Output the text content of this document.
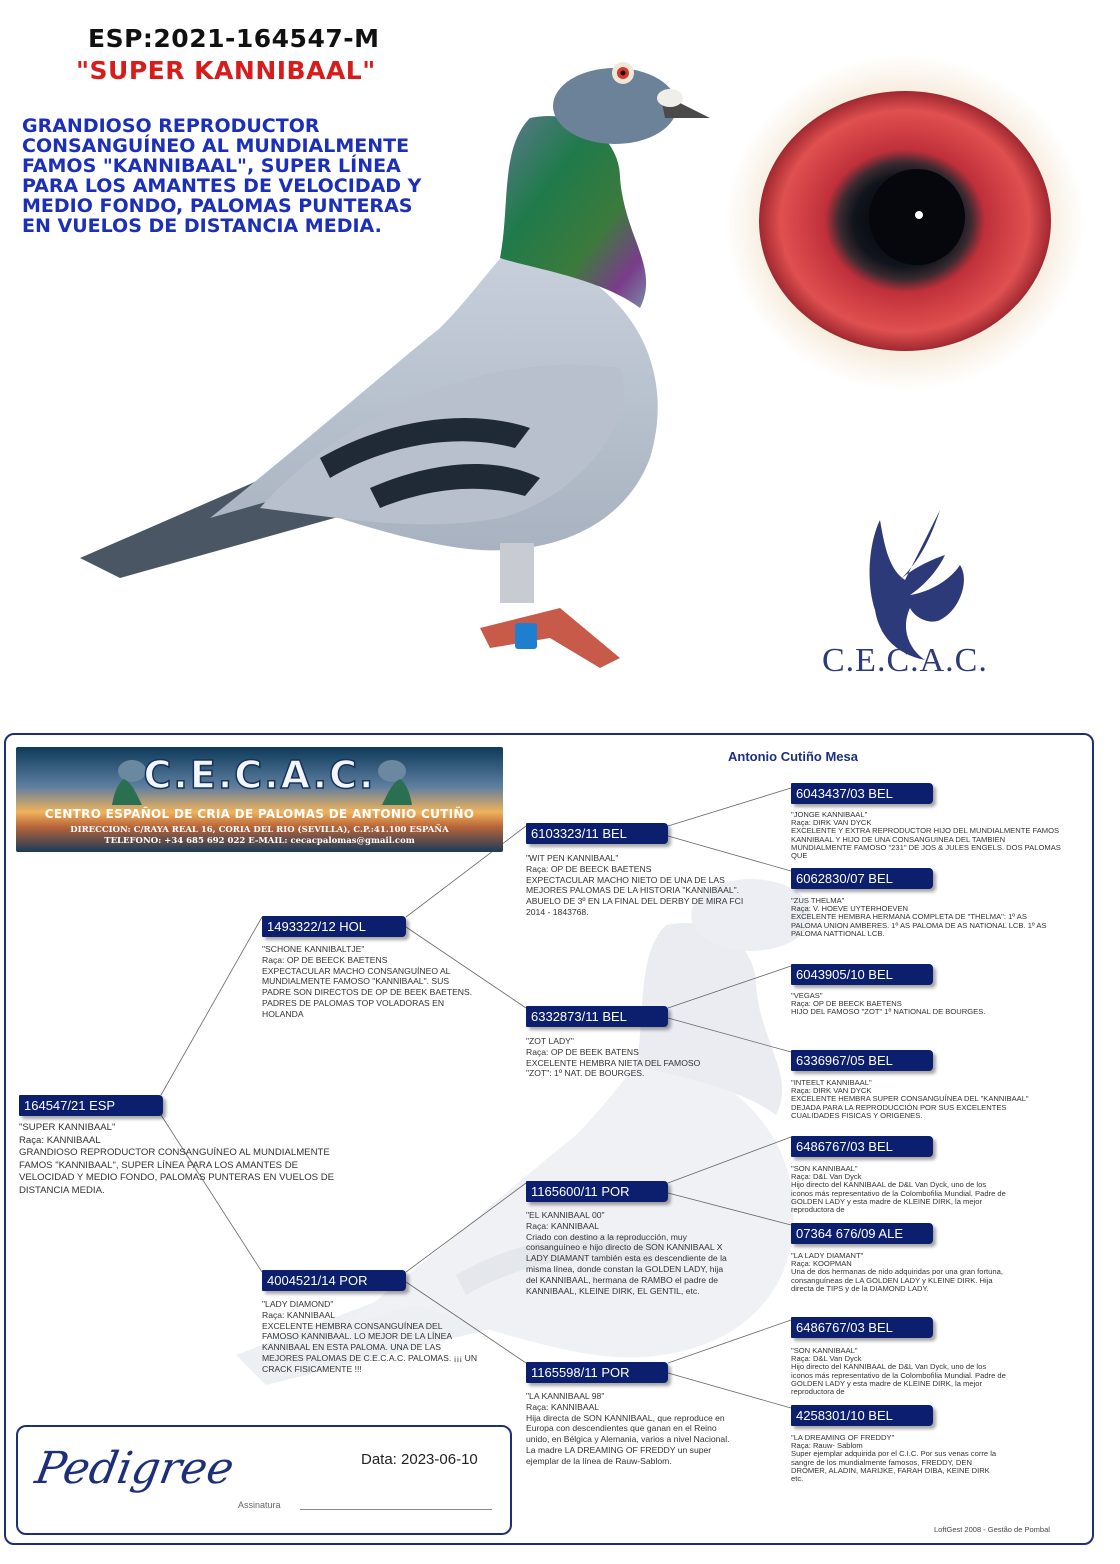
ESP:2021-164547-M
"SUPER KANNIBAAL"
GRANDIOSO REPRODUCTOR
CONSANGUÍNEO AL MUNDIALMENTE
FAMOS "KANNIBAAL", SUPER LÍNEA
PARA LOS AMANTES DE VELOCIDAD Y
MEDIO FONDO, PALOMAS PUNTERAS
EN VUELOS DE DISTANCIA MEDIA.
C.E.C.A.C.
C.E.C.A.C.
CENTRO ESPAÑOL DE CRIA DE PALOMAS DE ANTONIO CUTIÑO
DIRECCION: C/RAYA REAL 16, CORIA DEL RIO (SEVILLA), C.P.:41.100 ESPAÑA
TELEFONO: +34 685 692 022 E-MAIL: cecacpalomas@gmail.com
Antonio Cutiño Mesa
164547/21 ESP
"SUPER KANNIBAAL"
Raça: KANNIBAAL
GRANDIOSO REPRODUCTOR CONSANGUÍNEO AL MUNDIALMENTE FAMOS "KANNIBAAL", SUPER LÍNEA PARA LOS AMANTES DE VELOCIDAD Y MEDIO FONDO, PALOMAS PUNTERAS EN VUELOS DE DISTANCIA MEDIA.
1493322/12 HOL
"SCHONE KANNIBALTJE"
Raça: OP DE BEECK BAETENS
EXPECTACULAR MACHO CONSANGUÍNEO AL MUNDIALMENTE FAMOSO "KANNIBAAL". SUS PADRE SON DIRECTOS DE OP DE BEEK BAETENS. PADRES DE PALOMAS TOP VOLADORAS EN HOLANDA
4004521/14 POR
"LADY DIAMOND"
Raça: KANNIBAAL
EXCELENTE HEMBRA CONSANGUÍNEA DEL FAMOSO KANNIBAAL. LO MEJOR DE LA LÍNEA KANNIBAAL EN ESTA PALOMA. UNA DE LAS MEJORES PALOMAS DE C.E.C.A.C. PALOMAS. ¡¡¡ UN CRACK FISICAMENTE !!!
6103323/11 BEL
"WIT PEN KANNIBAAL"
Raça: OP DE BEECK BAETENS
EXPECTACULAR MACHO NIETO DE UNA DE LAS MEJORES PALOMAS DE LA HISTORIA "KANNIBAAL". ABUELO DE 3º EN LA FINAL DEL DERBY DE MIRA FCI 2014 - 1843768.
6332873/11 BEL
"ZOT LADY"
Raça: OP DE BEEK BATENS
EXCELENTE HEMBRA NIETA DEL FAMOSO "ZOT": 1º NAT. DE BOURGES.
1165600/11 POR
"EL KANNIBAAL 00"
Raça: KANNIBAAL
Criado con destino a la reproducción, muy consanguíneo e hijo directo de SON KANNIBAAL X LADY DIAMANT también esta es descendiente de la misma línea, donde constan la GOLDEN LADY, hija del KANNIBAAL, hermana de RAMBO el padre de KANNIBAAL, KLEINE DIRK, EL GENTIL, etc.
1165598/11 POR
"LA KANNIBAAL 98"
Raça: KANNIBAAL
Hija directa de SON KANNIBAAL, que reproduce en Europa con descendientes que ganan en el Reino unido, en Bélgica y Alemania, varios a nivel Nacional. La madre LA DREAMING OF FREDDY un super ejemplar de la línea de Rauw-Sablom.
6043437/03 BEL
"JONGE KANNIBAAL"
Raça: DIRK VAN DYCK
EXCELENTE Y EXTRA REPRODUCTOR HIJO DEL MUNDIALMENTE FAMOS KANNIBAAL Y HIJO DE UNA CONSANGUINEA DEL TAMBIEN MUNDIALMENTE FAMOSO "231" DE JOS & JULES ENGELS. DOS PALOMAS QUE
6062830/07 BEL
"ZUS THELMA"
Raça: V. HOEVE UYTERHOEVEN
EXCELENTE HEMBRA HERMANA COMPLETA DE "THELMA": 1º AS PALOMA UNION AMBERES. 1º AS PALOMA DE AS NATIONAL LCB. 1º AS PALOMA NATTIONAL LCB.
6043905/10 BEL
"VEGAS"
Raça: OP DE BEECK BAETENS
HIJO DEL FAMOSO "ZOT" 1º NATIONAL DE BOURGES.
6336967/05 BEL
"INTEELT KANNIBAAL"
Raça: DIRK VAN DYCK
EXCELENTE HEMBRA SUPER CONSANGUÍNEA DEL "KANNIBAAL" DEJADA PARA LA REPRODUCCIÓN POR SUS EXCELENTES CUALIDADES FISICAS Y ORIGENES.
6486767/03 BEL
"SON KANNIBAAL"
Raça: D&L Van Dyck
Hijo directo del KANNIBAAL de D&L Van Dyck, uno de los iconos más representativo de la Colombofilia Mundial. Padre de GOLDEN LADY y esta madre de KLEINE DIRK, la mejor reproductora de
07364 676/09 ALE
"LA LADY DIAMANT"
Raça: KOOPMAN
Una de dos hermanas de nido adquiridas por una gran fortuna, consanguíneas de LA GOLDEN LADY y KLEINE DIRK. Hija directa de TIPS y de la DIAMOND LADY.
6486767/03 BEL
"SON KANNIBAAL"
Raça: D&L Van Dyck
Hijo directo del KANNIBAAL de D&L Van Dyck, uno de los iconos más representativo de la Colombofilia Mundial. Padre de GOLDEN LADY y esta madre de KLEINE DIRK, la mejor reproductora de
4258301/10 BEL
"LA DREAMING OF FREDDY"
Raça: Rauw- Sablom
Super ejemplar adquirida por el C.I.C. Por sus venas corre la sangre de los mundialmente famosos, FREDDY, DEN DROMER, ALADIN, MARIJKE, FARAH DIBA, KEINE DIRK etc.
Pedigree	Data: 2023-06-10
Assinatura
LoftGest 2008 - Gestão de Pombal
